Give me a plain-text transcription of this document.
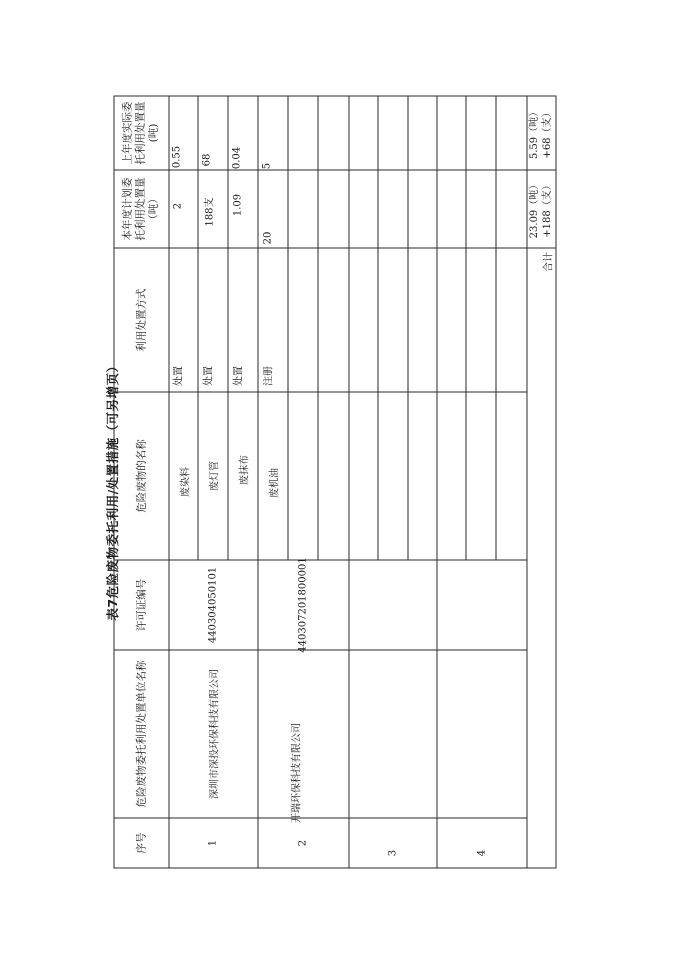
表7危险废物委托利用/处置措施（可另增页）
序号
危险废物委托利用处置单位名称
许可证编号
危险废物的名称
利用处置方式
本年度计划委托利用处置量（吨）
上年度实际委托利用处置量(吨)
1
深圳市深投环保科技有限公司
440304050101
废染料
处置
2
0.55
废灯管
处置
188支
68
废抹布
处置
1.09
0.04
2
开瑞环保科技有限公司
440307201800001
废机油
注册
20
5
3	4
合计
23.09（吨）+188（支）
5.59（吨）+68（支）
